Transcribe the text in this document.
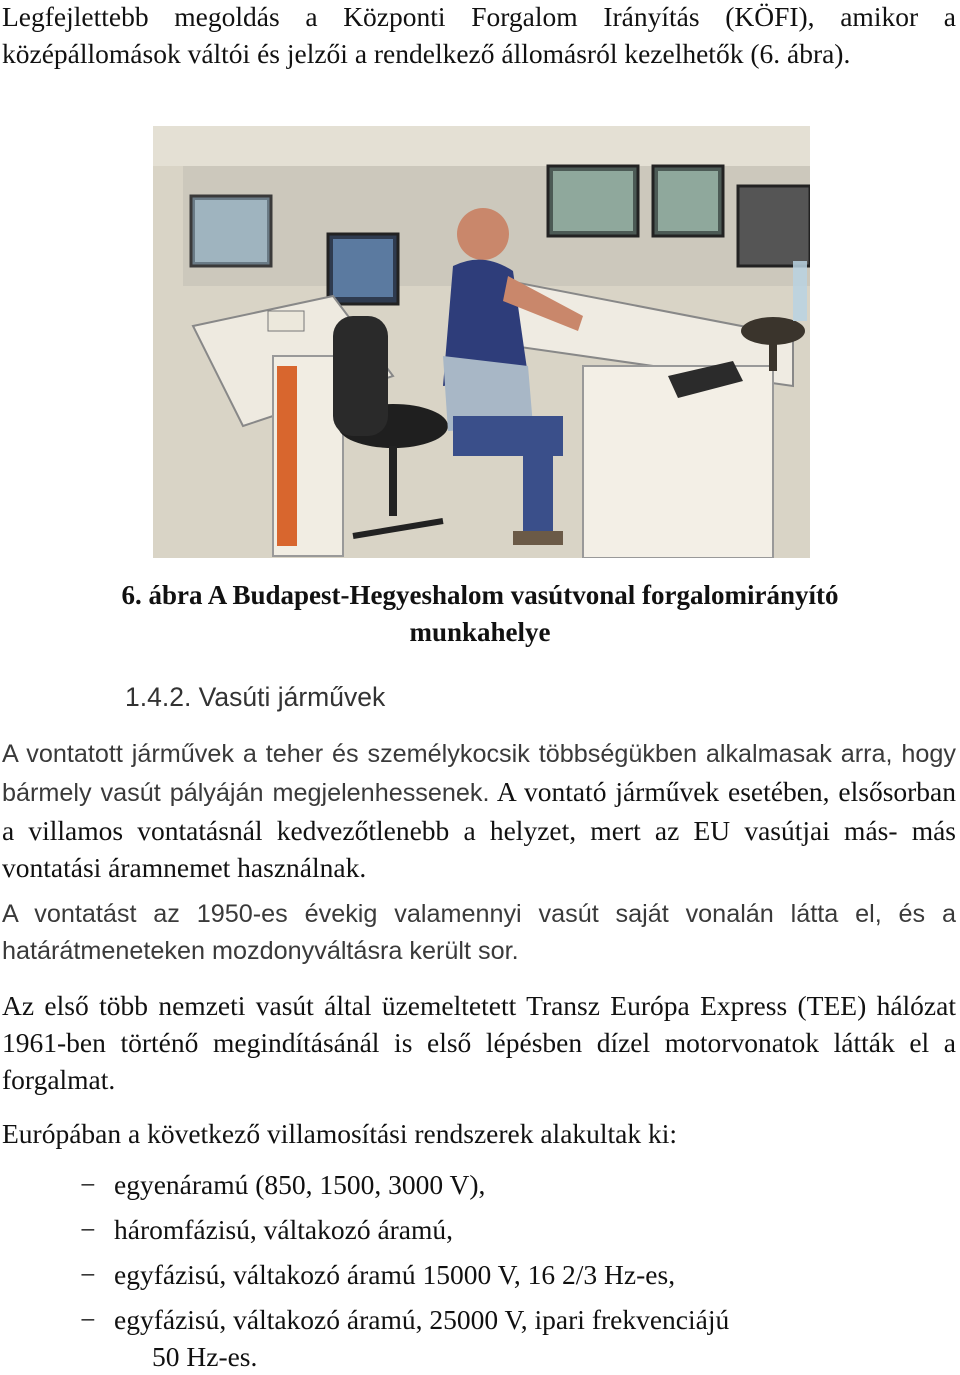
Legfejlettebb megoldás a Központi Forgalom Irányítás (KÖFI), amikor a középállomások váltói és jelzői a rendelkező állomásról kezelhetők (6. ábra).

6. ábra A Budapest-Hegyeshalom vasútvonal forgalomirányító

munkahelye

1.4.2. Vasúti járművek

A vontatott járművek a teher és személykocsik többségükben alkalmasak arra, hogy bármely vasút pályáján megjelenhessenek. A vontató járművek esetében, elsősorban a villamos vontatásnál kedvezőtlenebb a helyzet, mert az EU vasútjai más- más vontatási áramnemet használnak.

A vontatást az 1950-es évekig valamennyi vasút saját vonalán látta el, és a határátmeneteken mozdonyváltásra került sor.

Az első több nemzeti vasút által üzemeltetett Transz Európa Express (TEE) hálózat 1961-ben történő megindításánál is első lépésben dízel motorvonatok látták el a forgalmat.

Európában a következő villamosítási rendszerek alakultak ki:

− egyenáramú (850, 1500, 3000 V),
− háromfázisú, váltakozó áramú,
− egyfázisú, váltakozó áramú 15000 V, 16 2/3 Hz-es,
− egyfázisú, váltakozó áramú, 25000 V, ipari frekvenciájú
50 Hz-es.
